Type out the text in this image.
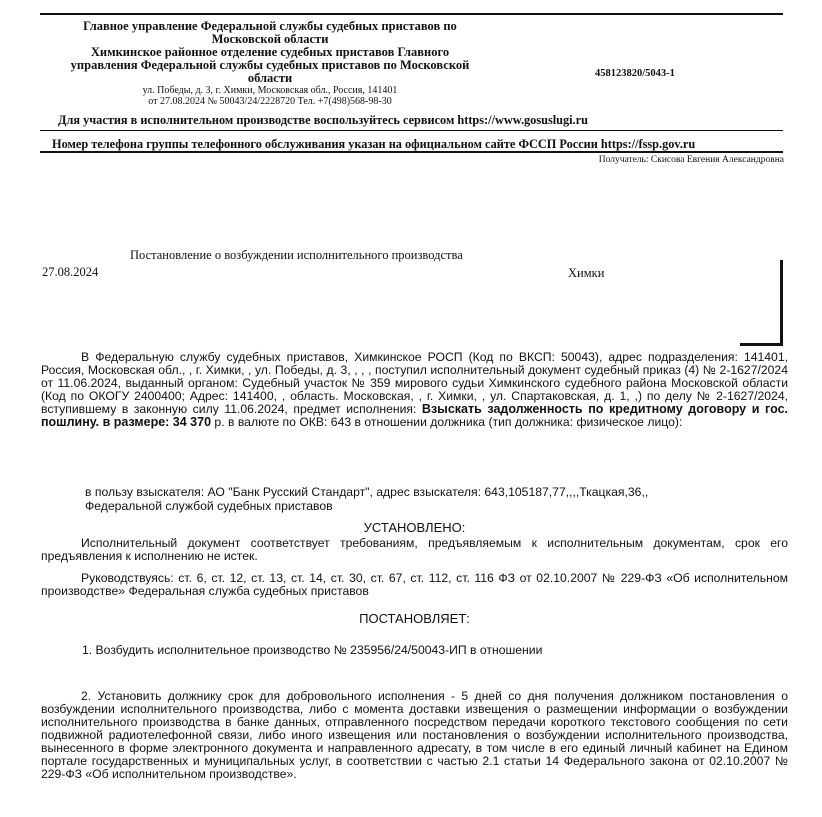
Главное управление Федеральной службы судебных приставов по
Московской области
Химкинское районное отделение судебных приставов Главного
управления Федеральной службы судебных приставов по Московской
области
ул. Победы, д. 3, г. Химки, Московская обл., Россия, 141401
от 27.08.2024 № 50043/24/2228720 Тел. +7(498)568-98-30
458123820/5043-1
Для участия в исполнительном производстве воспользуйтесь сервисом https://www.gosuslugi.ru
Номер телефона группы телефонного обслуживания указан на официальном сайте ФССП России https://fssp.gov.ru
Получатель: Скисова Евгения Александровна
Постановление о возбуждении исполнительного производства
27.08.2024	Химки
В Федеральную службу судебных приставов, Химкинское РОСП (Код по ВКСП: 50043), адрес подразделения: 141401, Россия, Московская обл., , г. Химки, , ул. Победы, д. 3, , , , поступил исполнительный документ судебный приказ (4) № 2-1627/2024 от 11.06.2024, выданный органом: Судебный участок № 359 мирового судьи Химкинского судебного района Московской области (Код по ОКОГУ 2400400; Адрес: 141400, , область. Московская, , г. Химки, , ул. Спартаковская, д. 1, ,) по делу № 2-1627/2024, вступившему в законную силу 11.06.2024, предмет исполнения: Взыскать задолженность по кредитному договору и гос. пошлину. в размере: 34 370 р. в валюте по ОКВ: 643 в отношении должника (тип должника: физическое лицо):
в пользу взыскателя: АО "Банк Русский Стандарт", адрес взыскателя: 643,105187,77,,,,Ткацкая,36,,
Федеральной службой судебных приставов
УСТАНОВЛЕНО:
Исполнительный документ соответствует требованиям, предъявляемым к исполнительным документам, срок его предъявления к исполнению не истек.
Руководствуясь: ст. 6, ст. 12, ст. 13, ст. 14, ст. 30, ст. 67, ст. 112, ст. 116 ФЗ от 02.10.2007 № 229-ФЗ «Об исполнительном производстве» Федеральная служба судебных приставов
ПОСТАНОВЛЯЕТ:
1. Возбудить исполнительное производство № 235956/24/50043-ИП в отношении
2. Установить должнику срок для добровольного исполнения - 5 дней со дня получения должником постановления о возбуждении исполнительного производства, либо с момента доставки извещения о размещении информации о возбуждении исполнительного производства в банке данных, отправленного посредством передачи короткого текстового сообщения по сети подвижной радиотелефонной связи, либо иного извещения или постановления о возбуждении исполнительного производства, вынесенного в форме электронного документа и направленного адресату, в том числе в его единый личный кабинет на Едином портале государственных и муниципальных услуг, в соответствии с частью 2.1 статьи 14 Федерального закона от 02.10.2007 № 229-ФЗ «Об исполнительном производстве».
